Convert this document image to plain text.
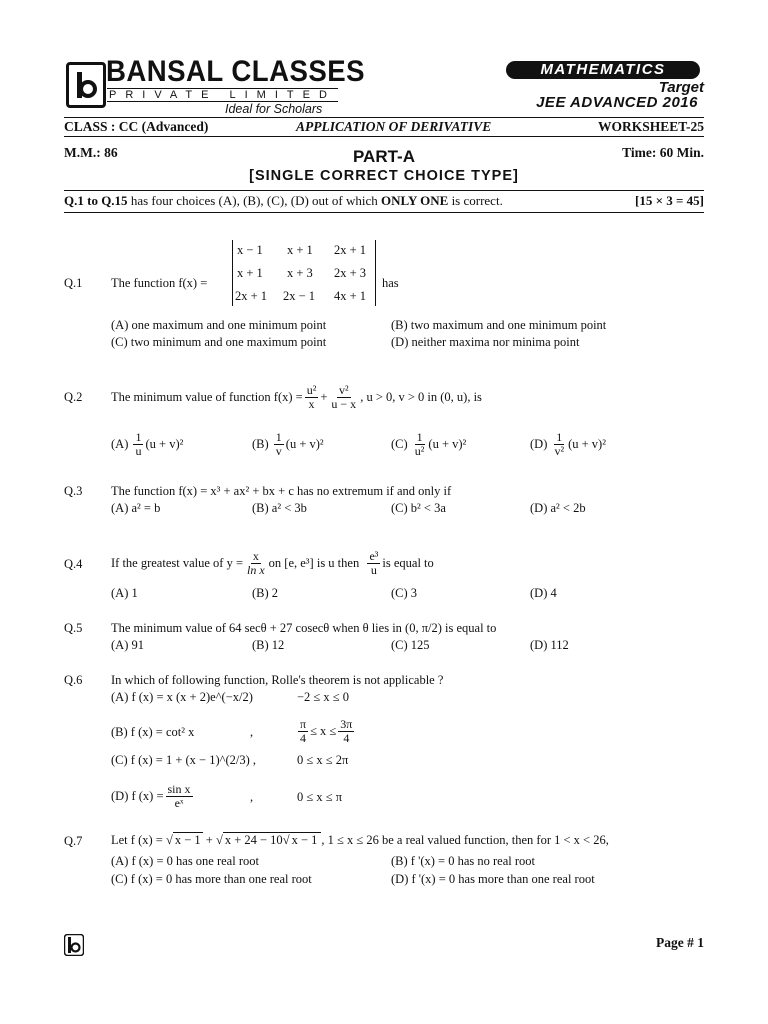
BANSAL CLASSES
PRIVATE LIMITED
Ideal for Scholars
MATHEMATICS
Target
JEE ADVANCED 2016
CLASS : CC (Advanced)	APPLICATION OF DERIVATIVE	WORKSHEET-25
M.M.: 86	Time: 60 Min.
PART-A
[SINGLE CORRECT CHOICE TYPE]
Q.1 to Q.15 has four choices (A), (B), (C), (D) out of which ONLY ONE is correct.	[15 × 3 = 45]
Q.1 The function f(x) =
x − 1 x + 1 2x + 1
x + 1 x + 3 2x + 3
2x + 1 2x − 1 4x + 1
has
(A) one maximum and one minimum point	(B) two maximum and one minimum point
(C) two minimum and one maximum point	(D) neither maxima nor minima point
Q.2 The minimum value of function $f(x) = \frac{\text{u²}}{x} + \frac{\text{v²}}{u - x}$ , u > 0, v > 0 in (0, u), is
(A)
$\frac{1}{u} (u + v)^2$	(B)
$\frac{1}{v} (u + v)^2$	(C)
$\frac{1}{\text{u²}} (u + v)^2$	(D)
$\frac{1}{\text{v²}} (u + v)^2$
Q.3 The function f(x) = x³ + ax² + bx + c has no extremum if and only if
(A) a² = b	(B) a² < 3b	(C) b² < 3a	(D) a² < 2b
Q.4 If the greatest value of $y = \frac{x}{\text{ln x}}$ on [e, e³] is u then
$\frac{\text{e³}}{u}$ is equal to
(A) 1	(B) 2	(C) 3	(D) 4
Q.5 The minimum value of 64 secθ + 27 cosecθ when θ lies in (0, π/2) is equal to
(A) 91	(B) 12	(C) 125	(D) 112
Q.6 In which of following function, Rolle's theorem is not applicable ?
(A) f (x) = x (x + 2)e^(−x/2)	−2 ≤ x ≤ 0
(B) f (x) = cot² x	,	$\frac{\pi}{4} \le x \le \frac{3\pi}{4}$
(C) f (x) = 1 + (x − 1)^(2/3) ,	0 ≤ x ≤ 2π
(D) f $(x) = \frac{\text{sin x}}{\text{eˣ}}$	,	0 ≤ x ≤ π
Q.7 Let f (x) = √ x − 1
+ √ x + 24 − 10√ x − 1 , 1 ≤ x ≤ 26 be a real valued function, then for 1 < x < 26,
(A) f (x) = 0 has one real root	(B) f '(x) = 0 has no real root
(C) f (x) = 0 has more than one real root	(D) f '(x) = 0 has more than one real root
Page # 1
